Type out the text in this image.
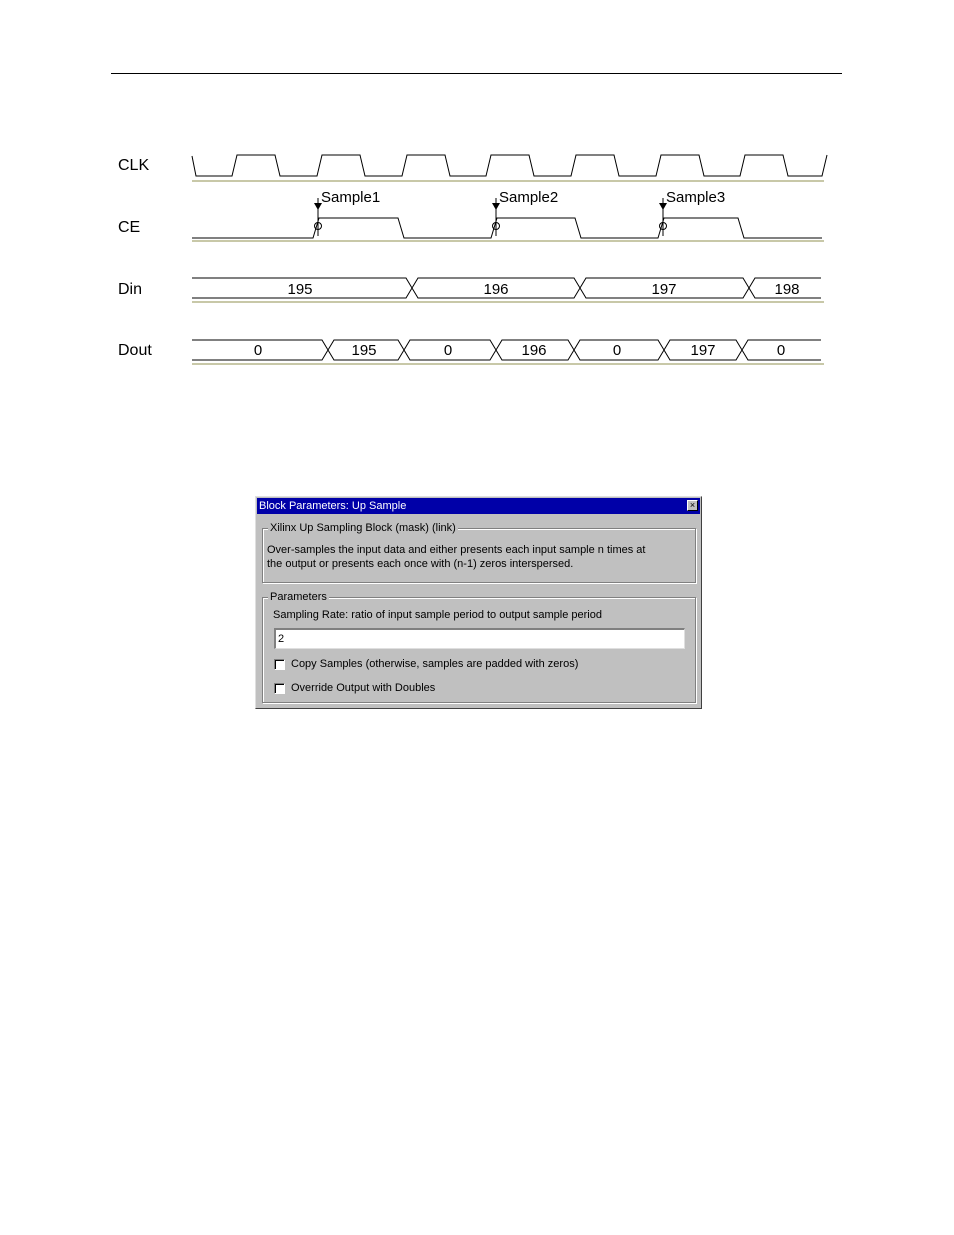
CLK
CE
Din
Dout
Sample1	Sample2	Sample3
195	196	197	198
0	195	0	196	0	197	0
Block Parameters: Up Sample	×
Xilinx Up Sampling Block (mask) (link)
Over-samples the input data and either presents each input sample n times at
the output or presents each once with (n-1) zeros interspersed.
Parameters
Sampling Rate: ratio of input sample period to output sample period
2
Copy Samples (otherwise, samples are padded with zeros)
Override Output with Doubles
